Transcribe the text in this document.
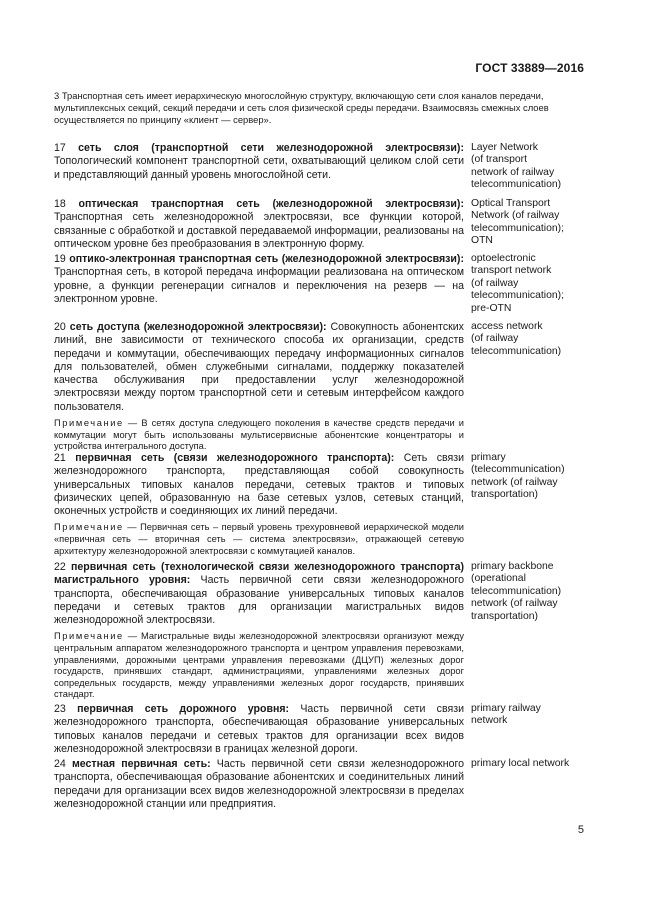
ГОСТ 33889—2016
3 Транспортная сеть имеет иерархическую многослойную структуру, включающую сети слоя каналов передачи, мультиплексных секций, секций передачи и сеть слоя физической среды передачи. Взаимосвязь смежных слоев осуществляется по принципу «клиент — сервер».
17 сеть слоя (транспортной сети железнодорожной электросвязи): Топологический компонент транспортной сети, охватывающий целиком слой сети и представляющий данный уровень многослойной сети.
Layer Network
(of transport
network of railway
telecommunication)
18 оптическая транспортная сеть (железнодорожной электросвязи): Транспортная сеть железнодорожной электросвязи, все функции которой, связанные с обработкой и доставкой передаваемой информации, реализованы на оптическом уровне без преобразования в электронную форму.
Optical Transport
Network (of railway
telecommunication);
OTN
19 оптико-электронная транспортная сеть (железнодорожной электросвязи): Транспортная сеть, в которой передача информации реализована на оптическом уровне, а функции регенерации сигналов и переключения на резерв — на электронном уровне.
optoelectronic
transport network
(of railway
telecommunication);
pre-OTN
20 сеть доступа (железнодорожной электросвязи): Совокупность абонентских линий, вне зависимости от технического способа их организации, средств передачи и коммутации, обеспечивающих передачу информационных сигналов для пользователей, обмен служебными сигналами, поддержку показателей качества обслуживания при предоставлении услуг железнодорожной электросвязи между портом транспортной сети и сетевым интерфейсом каждого пользователя.
Примечание — В сетях доступа следующего поколения в качестве средств передачи и коммутации могут быть использованы мультисервисные абонентские концентраторы и устройства интегрального доступа.
access network
(of railway
telecommunication)
21 первичная сеть (связи железнодорожного транспорта): Сеть связи железнодорожного транспорта, представляющая собой совокупность универсальных типовых каналов передачи, сетевых трактов и типовых физических цепей, образованную на базе сетевых узлов, сетевых станций, оконечных устройств и соединяющих их линий передачи.
Примечание — Первичная сеть – первый уровень трехуровневой иерархической модели «первичная сеть — вторичная сеть — система электросвязи», отражающей сетевую архитектуру железнодорожной электросвязи с коммутацией каналов.
primary
(telecommunication)
network (of railway
transportation)
22 первичная сеть (технологической связи железнодорожного транспорта) магистрального уровня: Часть первичной сети связи железнодорожного транспорта, обеспечивающая образование универсальных типовых каналов передачи и сетевых трактов для организации магистральных видов железнодорожной электросвязи.
Примечание — Магистральные виды железнодорожной электросвязи организуют между центральным аппаратом железнодорожного транспорта и центром управления перевозками, управлениями, дорожными центрами управления перевозками (ДЦУП) железных дорог государств, принявших стандарт, администрациями, управлениями железных дорог сопредельных государств, между управлениями железных дорог государств, принявших стандарт.
primary backbone
(operational
telecommunication)
network (of railway
transportation)
23 первичная сеть дорожного уровня: Часть первичной сети связи железнодорожного транспорта, обеспечивающая образование универсальных типовых каналов передачи и сетевых трактов для организации всех видов железнодорожной электросвязи в границах железной дороги.
primary railway
network
24 местная первичная сеть: Часть первичной сети связи железнодорожного транспорта, обеспечивающая образование абонентских и соединительных линий передачи для организации всех видов железнодорожной электросвязи в пределах железнодорожной станции или предприятия.
primary local network
5
